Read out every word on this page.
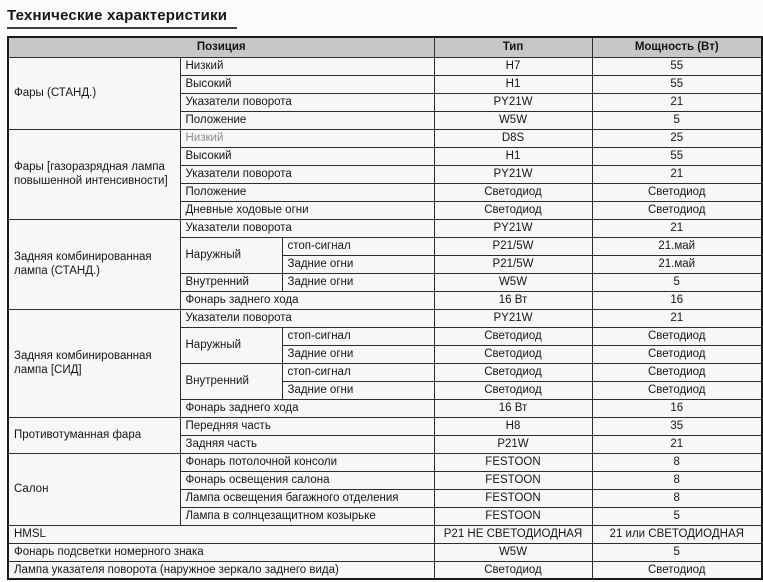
Технические характеристики
Позиция			Тип	Мощность (Вт)
Фары (СТАНД.)	Низкий		H7	55
	Высокий		H1	55
	Указатели поворота		PY21W	21
	Положение		W5W	5
Фары [газоразрядная лампа повышенной интенсивности]	Низкий		D8S	25
	Высокий		H1	55
	Указатели поворота		PY21W	21
	Положение		Светодиод	Светодиод
	Дневные ходовые огни		Светодиод	Светодиод
Задняя комбинированная лампа (СТАНД.)	Указатели поворота		PY21W	21
	Наружный	стоп-сигнал	P21/5W	21.май
		Задние огни	P21/5W	21.май
	Внутренний	Задние огни	W5W	5
	Фонарь заднего хода		16 Вт	16
Задняя комбинированная лампа [СИД]	Указатели поворота		PY21W	21
	Наружный	стоп-сигнал	Светодиод	Светодиод
		Задние огни	Светодиод	Светодиод
	Внутренний	стоп-сигнал	Светодиод	Светодиод
		Задние огни	Светодиод	Светодиод
	Фонарь заднего хода		16 Вт	16
Противотуманная фара	Передняя часть		H8	35
	Задняя часть		P21W	21
Салон	Фонарь потолочной консоли		FESTOON	8
	Фонарь освещения салона		FESTOON	8
	Лампа освещения багажного отделения		FESTOON	8
	Лампа в солнцезащитном козырьке		FESTOON	5
HMSL			P21 НЕ СВЕТОДИОДНАЯ	21 или СВЕТОДИОДНАЯ
Фонарь подсветки номерного знака			W5W	5
Лампа указателя поворота (наружное зеркало заднего вида)			Светодиод	Светодиод
